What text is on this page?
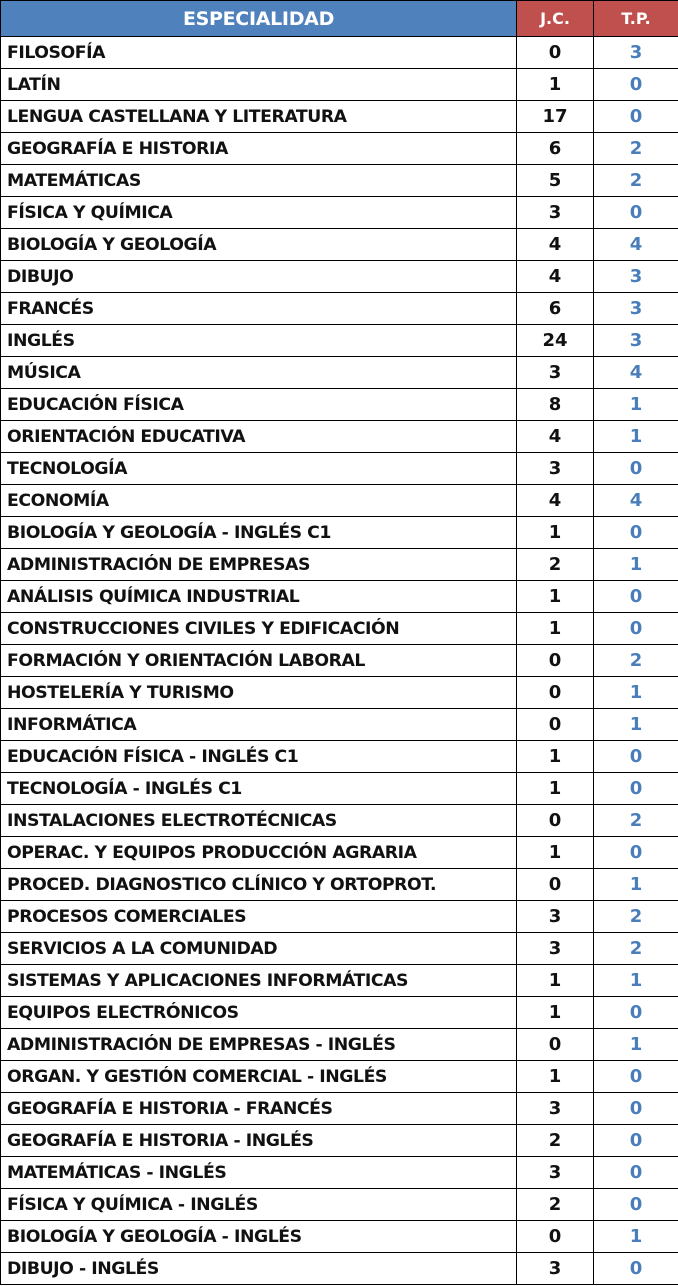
ESPECIALIDAD	J.C.	T.P.
FILOSOFÍA	0	3
LATÍN	1	0
LENGUA CASTELLANA Y LITERATURA	17	0
GEOGRAFÍA E HISTORIA	6	2
MATEMÁTICAS	5	2
FÍSICA Y QUÍMICA	3	0
BIOLOGÍA Y GEOLOGÍA	4	4
DIBUJO	4	3
FRANCÉS	6	3
INGLÉS	24	3
MÚSICA	3	4
EDUCACIÓN FÍSICA	8	1
ORIENTACIÓN EDUCATIVA	4	1
TECNOLOGÍA	3	0
ECONOMÍA	4	4
BIOLOGÍA Y GEOLOGÍA - INGLÉS C1	1	0
ADMINISTRACIÓN DE EMPRESAS	2	1
ANÁLISIS QUÍMICA INDUSTRIAL	1	0
CONSTRUCCIONES CIVILES Y EDIFICACIÓN	1	0
FORMACIÓN Y ORIENTACIÓN LABORAL	0	2
HOSTELERÍA Y TURISMO	0	1
INFORMÁTICA	0	1
EDUCACIÓN FÍSICA - INGLÉS C1	1	0
TECNOLOGÍA - INGLÉS C1	1	0
INSTALACIONES ELECTROTÉCNICAS	0	2
OPERAC. Y EQUIPOS PRODUCCIÓN AGRARIA	1	0
PROCED. DIAGNOSTICO CLÍNICO Y ORTOPROT.	0	1
PROCESOS COMERCIALES	3	2
SERVICIOS A LA COMUNIDAD	3	2
SISTEMAS Y APLICACIONES INFORMÁTICAS	1	1
EQUIPOS ELECTRÓNICOS	1	0
ADMINISTRACIÓN DE EMPRESAS - INGLÉS	0	1
ORGAN. Y GESTIÓN COMERCIAL - INGLÉS	1	0
GEOGRAFÍA E HISTORIA - FRANCÉS	3	0
GEOGRAFÍA E HISTORIA - INGLÉS	2	0
MATEMÁTICAS - INGLÉS	3	0
FÍSICA Y QUÍMICA - INGLÉS	2	0
BIOLOGÍA Y GEOLOGÍA - INGLÉS	0	1
DIBUJO - INGLÉS	3	0
